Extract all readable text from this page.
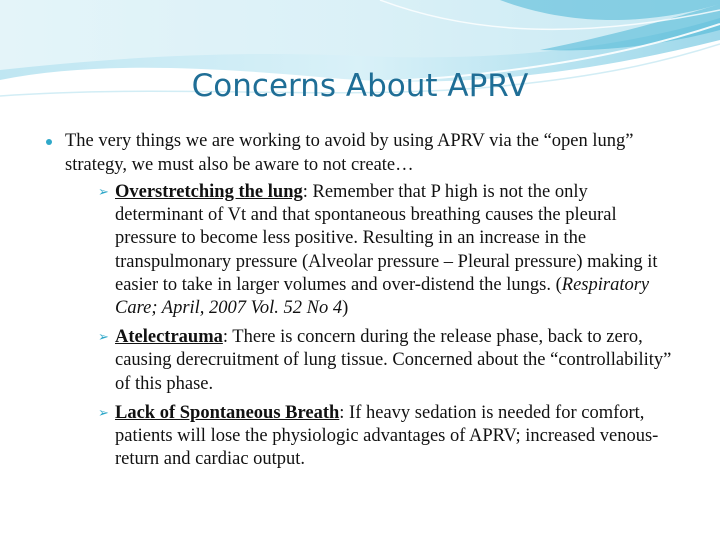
Concerns About APRV
The very things we are working to avoid by using APRV via the “open lung” strategy, we must also be aware to not create…
➢ Overstretching the lung: Remember that P high is not the only determinant of Vt and that spontaneous breathing causes the pleural pressure to become less positive. Resulting in an increase in the transpulmonary pressure (Alveolar pressure – Pleural pressure) making it easier to take in larger volumes and over-distend the lungs. (Respiratory Care; April, 2007 Vol. 52 No 4)
➢ Atelectrauma: There is concern during the release phase, back to zero, causing derecruitment of lung tissue. Concerned about the “controllability” of this phase.
➢ Lack of Spontaneous Breath: If heavy sedation is needed for comfort, patients will lose the physiologic advantages of APRV; increased venous-return and cardiac output.
